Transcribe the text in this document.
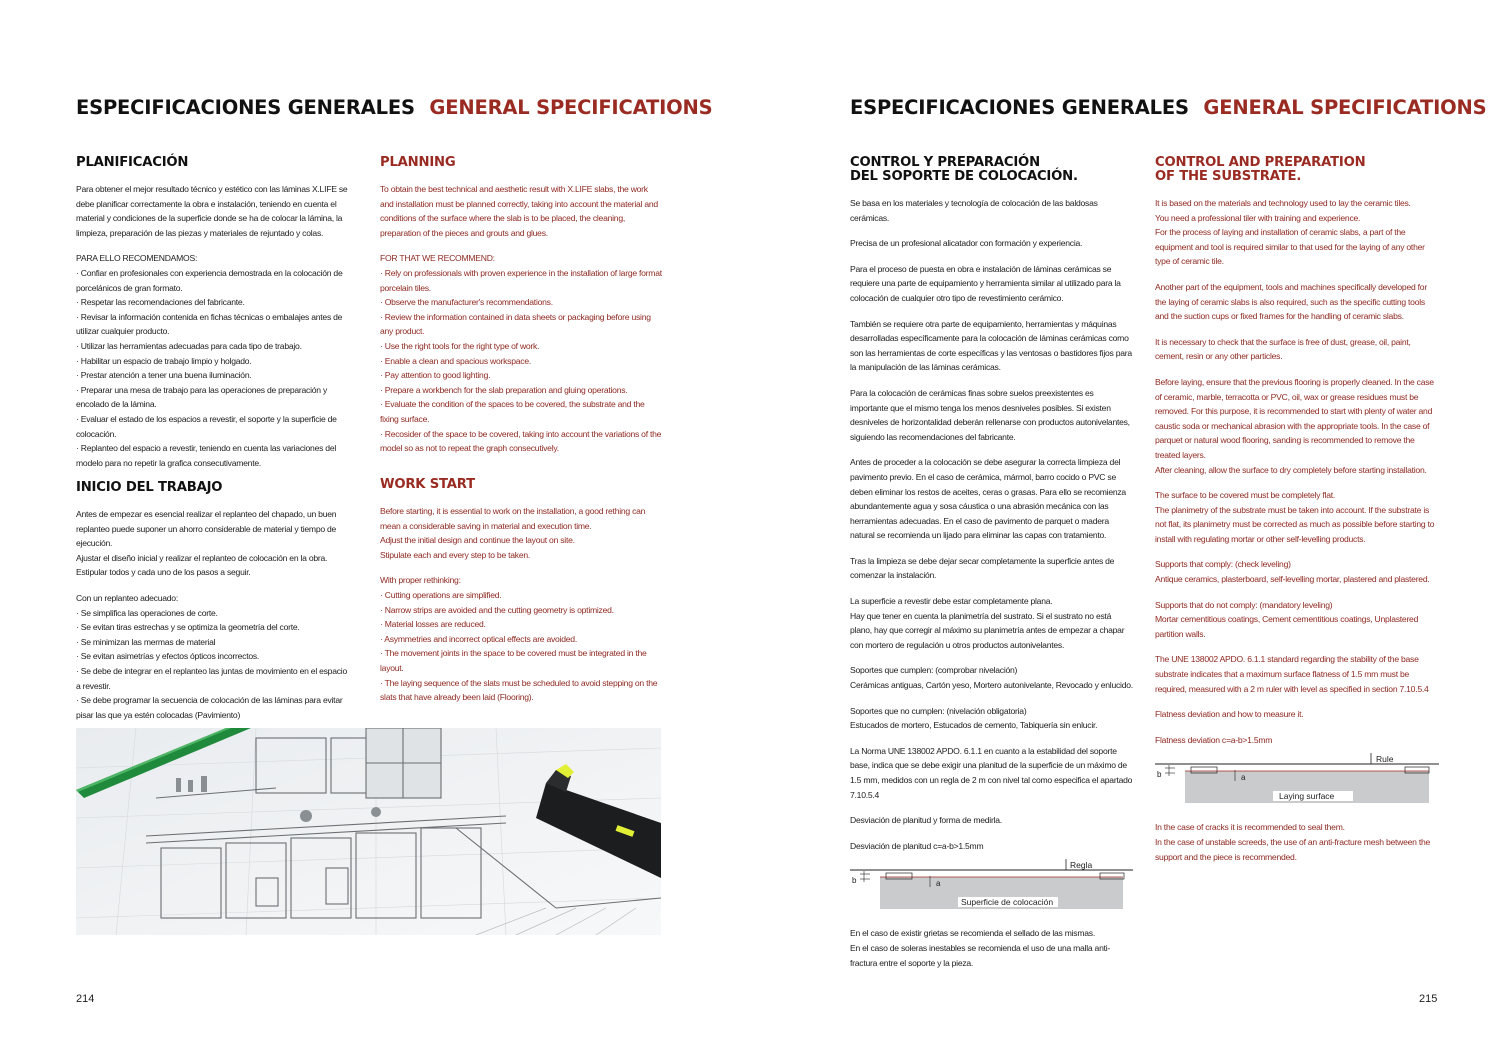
ESPECIFICACIONES GENERALES GENERAL SPECIFICATIONS
PLANIFICACIÓN

Para obtener el mejor resultado técnico y estético con las láminas X.LIFE se debe planificar correctamente la obra e instalación, teniendo en cuenta el material y condiciones de la superficie donde se ha de colocar la lámina, la limpieza, preparación de las piezas y materiales de rejuntado y colas.

PARA ELLO RECOMENDAMOS:
· Confiar en profesionales con experiencia demostrada en la colocación de porcelánicos de gran formato.
· Respetar las recomendaciones del fabricante.
· Revisar la información contenida en fichas técnicas o embalajes antes de utilizar cualquier producto.
· Utilizar las herramientas adecuadas para cada tipo de trabajo.
· Habilitar un espacio de trabajo limpio y holgado.
· Prestar atención a tener una buena iluminación.
· Preparar una mesa de trabajo para las operaciones de preparación y encolado de la lámina.
· Evaluar el estado de los espacios a revestir, el soporte y la superficie de colocación.
· Replanteo del espacio a revestir, teniendo en cuenta las variaciones del modelo para no repetir la grafica consecutivamente.

INICIO DEL TRABAJO

Antes de empezar es esencial realizar el replanteo del chapado, un buen replanteo puede suponer un ahorro considerable de material y tiempo de ejecución.
Ajustar el diseño inicial y realizar el replanteo de colocación en la obra.
Estipular todos y cada uno de los pasos a seguir.

Con un replanteo adecuado:
· Se simplifica las operaciones de corte.
· Se evitan tiras estrechas y se optimiza la geometría del corte.
· Se minimizan las mermas de material
· Se evitan asimetrías y efectos ópticos incorrectos.
· Se debe de integrar en el replanteo las juntas de movimiento en el espacio a revestir.
· Se debe programar la secuencia de colocación de las láminas para evitar pisar las que ya estén colocadas (Pavimiento)

PLANNING

To obtain the best technical and aesthetic result with X.LIFE slabs, the work and installation must be planned correctly, taking into account the material and conditions of the surface where the slab is to be placed, the cleaning, preparation of the pieces and grouts and glues.

FOR THAT WE RECOMMEND:
· Rely on professionals with proven experience in the installation of large format porcelain tiles.
· Observe the manufacturer's recommendations.
· Review the information contained in data sheets or packaging before using any product.
· Use the right tools for the right type of work.
· Enable a clean and spacious workspace.
· Pay attention to good lighting.
· Prepare a workbench for the slab preparation and gluing operations.
· Evaluate the condition of the spaces to be covered, the substrate and the fixing surface.
· Recosider of the space to be covered, taking into account the variations of the model so as not to repeat the graph consecutively.

WORK START

Before starting, it is essential to work on the installation, a good rething can mean a considerable saving in material and execution time.
Adjust the initial design and continue the layout on site.
Stipulate each and every step to be taken.

With proper rethinking:
· Cutting operations are simplified.
· Narrow strips are avoided and the cutting geometry is optimized.
· Material losses are reduced.
· Asymmetries and incorrect optical effects are avoided.
· The movement joints in the space to be covered must be integrated in the layout.
· The laying sequence of the slats must be scheduled to avoid stepping on the slats that have already been laid (Flooring).

214
ESPECIFICACIONES GENERALES GENERAL SPECIFICATIONS
CONTROL Y PREPARACIÓN
DEL SOPORTE DE COLOCACIÓN.

Se basa en los materiales y tecnología de colocación de las baldosas cerámicas.

Precisa de un profesional alicatador con formación y experiencia.

Para el proceso de puesta en obra e instalación de láminas cerámicas se requiere una parte de equipamiento y herramienta similar al utilizado para la colocación de cualquier otro tipo de revestimiento cerámico.

También se requiere otra parte de equipamiento, herramientas y máquinas desarrolladas específicamente para la colocación de láminas cerámicas como son las herramientas de corte específicas y las ventosas o bastidores fijos para la manipulación de las láminas cerámicas.

Para la colocación de cerámicas finas sobre suelos preexistentes es importante que el mismo tenga los menos desniveles posibles. Si existen desniveles de horizontalidad deberán rellenarse con productos autonivelantes, siguiendo las recomendaciones del fabricante.

Antes de proceder a la colocación se debe asegurar la correcta limpieza del pavimento previo. En el caso de cerámica, mármol, barro cocido o PVC se deben eliminar los restos de aceites, ceras o grasas. Para ello se recomienza abundantemente agua y sosa cáustica o una abrasión mecánica con las herramientas adecuadas. En el caso de pavimento de parquet o madera natural se recomienda un lijado para eliminar las capas con tratamiento.

Tras la limpieza se debe dejar secar completamente la superficie antes de comenzar la instalación.

La superficie a revestir debe estar completamente plana.
Hay que tener en cuenta la planimetría del sustrato. Si el sustrato no está plano, hay que corregir al máximo su planimetría antes de empezar a chapar con mortero de regulación u otros productos autonivelantes.

Soportes que cumplen: (comprobar nivelación)
Cerámicas antiguas, Cartón yeso, Mortero autonivelante, Revocado y enlucido.

Soportes que no cumplen: (nivelación obligatoria)
Estucados de mortero, Estucados de cemento, Tabiquería sin enlucir.

La Norma UNE 138002 APDO. 6.1.1 en cuanto a la estabilidad del soporte base, indica que se debe exigir una planitud de la superficie de un máximo de 1.5 mm, medidos con un regla de 2 m con nivel tal como especifica el apartado 7.10.5.4

Desviación de planitud y forma de medirla.

Desviación de planitud c=a-b>1.5mm

Regla
a
b
Superficie de colocación

En el caso de existir grietas se recomienda el sellado de las mismas.
En el caso de soleras inestables se recomienda el uso de una malla anti-fractura entre el soporte y la pieza.

CONTROL AND PREPARATION
OF THE SUBSTRATE.

It is based on the materials and technology used to lay the ceramic tiles.
You need a professional tiler with training and experience.
For the process of laying and installation of ceramic slabs, a part of the equipment and tool is required similar to that used for the laying of any other type of ceramic tile.

Another part of the equipment, tools and machines specifically developed for the laying of ceramic slabs is also required, such as the specific cutting tools and the suction cups or fixed frames for the handling of ceramic slabs.

It is necessary to check that the surface is free of dust, grease, oil, paint, cement, resin or any other particles.

Before laying, ensure that the previous flooring is properly cleaned. In the case of ceramic, marble, terracotta or PVC, oil, wax or grease residues must be removed. For this purpose, it is recommended to start with plenty of water and caustic soda or mechanical abrasion with the appropriate tools. In the case of parquet or natural wood flooring, sanding is recommended to remove the treated layers.
After cleaning, allow the surface to dry completely before starting installation.

The surface to be covered must be completely flat.
The planimetry of the substrate must be taken into account. If the substrate is not flat, its planimetry must be corrected as much as possible before starting to install with regulating mortar or other self-levelling products.

Supports that comply: (check leveling)
Antique ceramics, plasterboard, self-levelling mortar, plastered and plastered.

Supports that do not comply: (mandatory leveling)
Mortar cementitious coatings, Cement cementitious coatings, Unplastered partition walls.

The UNE 138002 APDO. 6.1.1 standard regarding the stability of the base substrate indicates that a maximum surface flatness of 1.5 mm must be required, measured with a 2 m ruler with level as specified in section 7.10.5.4

Flatness deviation and how to measure it.

Flatness deviation c=a-b>1.5mm

Rule
a
b
Laying surface

In the case of cracks it is recommended to seal them.
In the case of unstable screeds, the use of an anti-fracture mesh between the support and the piece is recommended.

215
